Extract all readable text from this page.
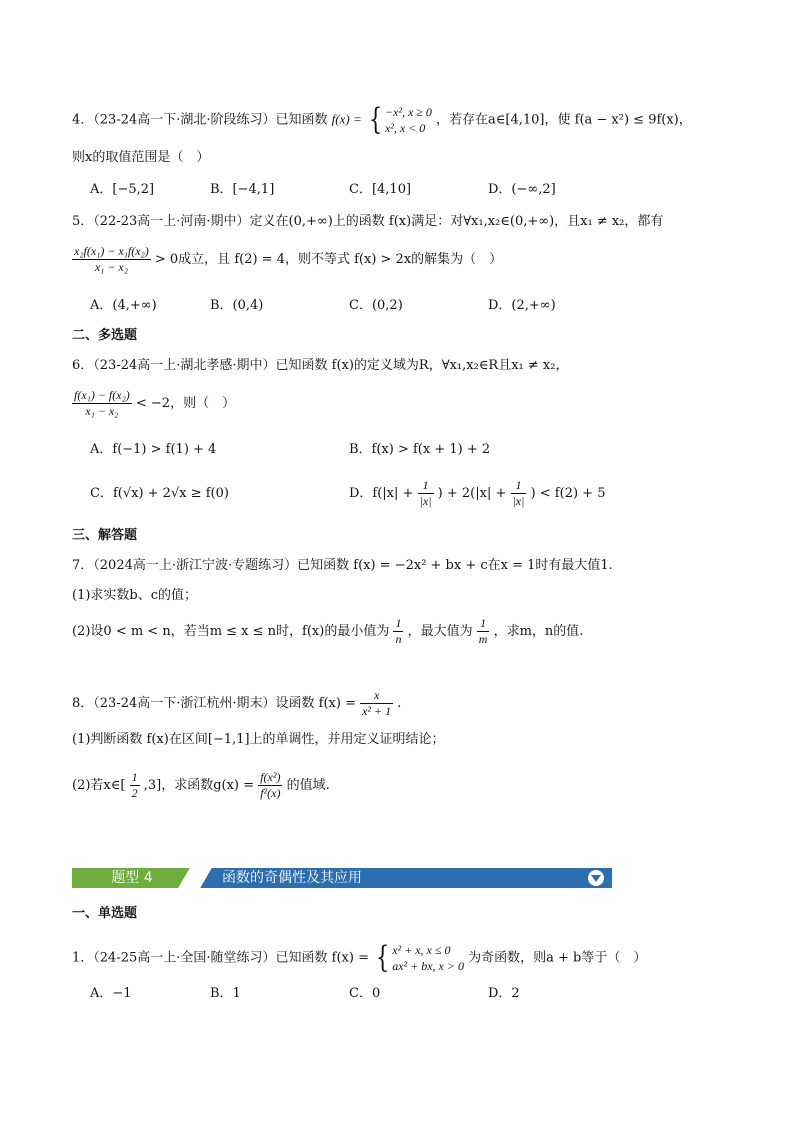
4．（23-24高一下·湖北·阶段练习）已知函数 f(x) = { −x², x ≥ 0
x², x < 0
，若存在a∈[4,10]，使 f(a − x²) ≤ 9f(x)，
则x的取值范围是（　）
A．[−5,2]	B．[−4,1]	C．[4,10]	D．(−∞,2]
5．（22-23高一上·河南·期中）定义在(0,+∞)上的函数 f(x)满足：对∀x₁,x₂∈(0,+∞)，且x₁ ≠ x₂，都有
$\frac{\text{x₂f(x₁) − x₁f(x₂)}}{\text{x₁ − x₂}} > 0$成立，且 f(2) = 4，则不等式 f(x) > 2x的解集为（　）
A．(4,+∞)	B．(0,4)	C．(0,2)	D．(2,+∞)
二、多选题
6．（23-24高一上·湖北孝感·期中）已知函数 f(x)的定义域为R，∀x₁,x₂∈R且x₁ ≠ x₂，
$\frac{\text{f(x₁) − f(x₂)}}{\text{x₁ − x₂}} < -2$，则（　）
A．f(−1) > f(1) + 4	B．f(x) > f(x + 1) + 2
C．f(√x) + 2√x ≥ f(0)	D．$f(|x| + \frac{1}{|x|}$ ) + $2(|x| + \frac{1}{|x|}$ ) < f(2) + 5
三、解答题
7．（2024高一上·浙江宁波·专题练习）已知函数 f(x) = −2x² + bx + c在x = 1时有最大值1.
(1)求实数b、c的值；
(2)设0 < m < n，若当m ≤ x ≤ n时，f(x)的最小值为 $\frac{1}{n}$ ，最大值为 $\frac{1}{m}$ ，求m，n的值.
8．（23-24高一下·浙江杭州·期末）设函数 $f(x) = \frac{x}{\text{x² + 1}}$ .
(1)判断函数 f(x)在区间[−1,1]上的单调性，并用定义证明结论；
(2)若x∈[ $\frac{1}{2} ,3$]，求函数$g(x) = \frac{\text{f(x²)}}{\text{f²(x)}}$ 的值域.
题型 4	函数的奇偶性及其应用
一、单选题
1．（24-25高一上·全国·随堂练习）已知函数 f(x) = { x² + x, x ≤ 0
ax² + bx, x > 0
为奇函数，则a + b等于（　）
A．−1	B．1	C．0	D．2
